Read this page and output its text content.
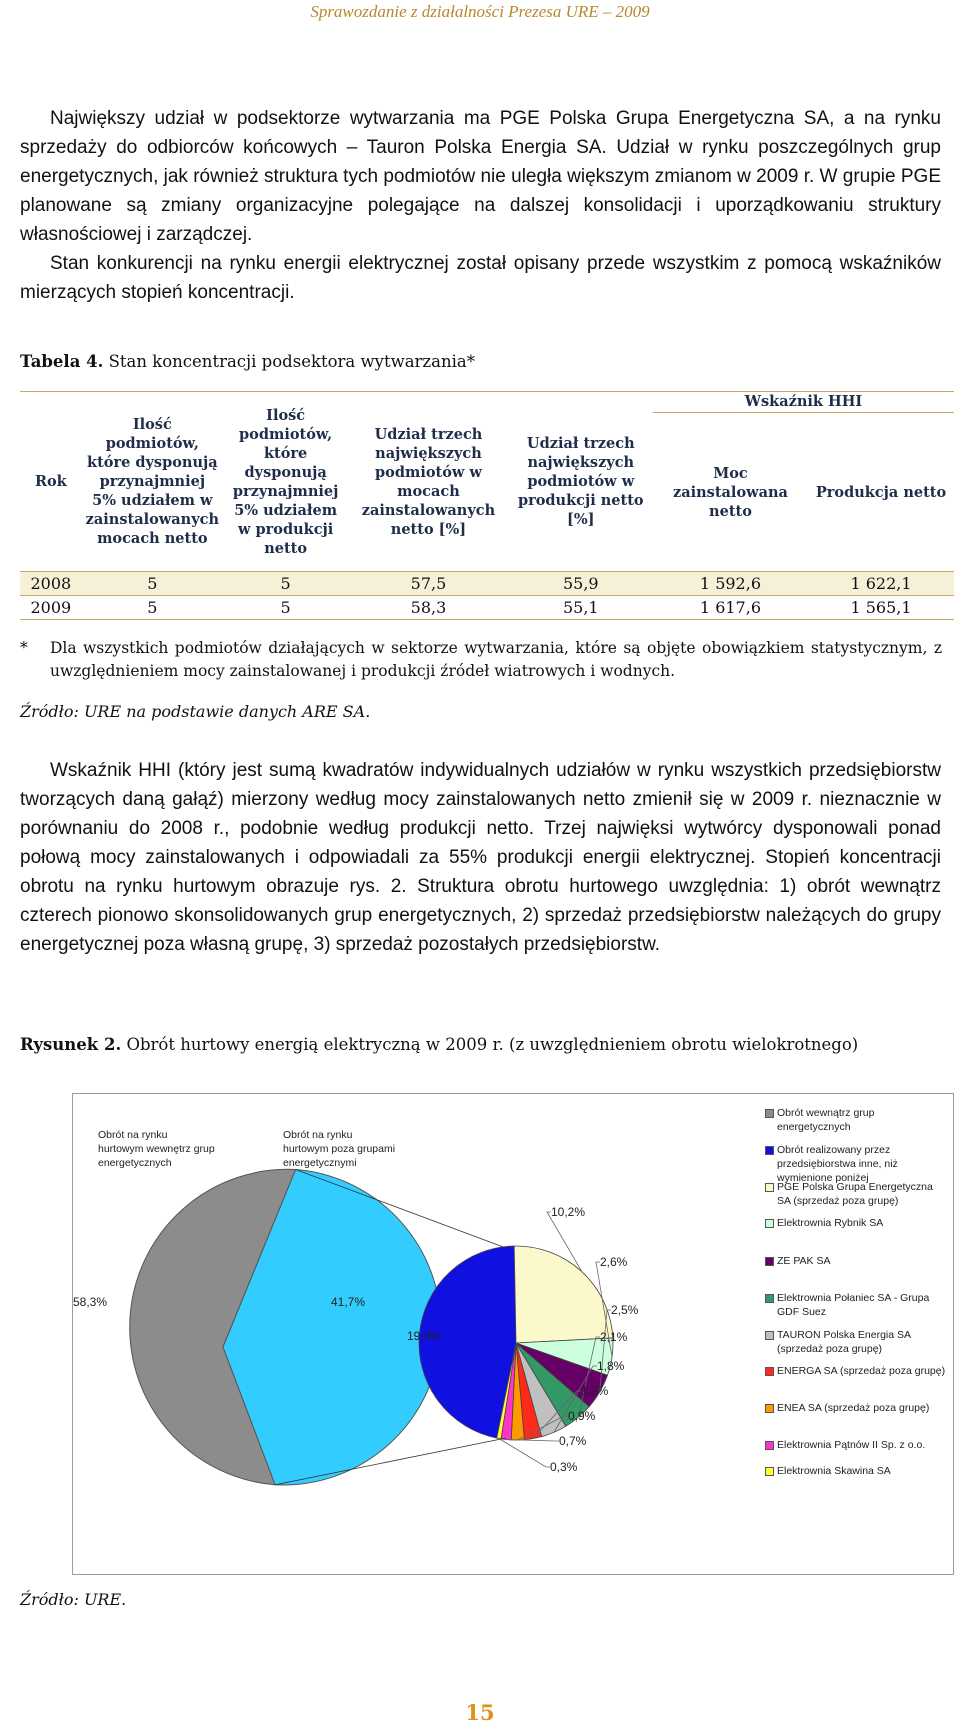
Sprawozdanie z działalności Prezesa URE – 2009

Największy udział w podsektorze wytwarzania ma PGE Polska Grupa Energetyczna SA, a na rynku sprzedaży do odbiorców końcowych – Tauron Polska Energia SA. Udział w rynku poszczególnych grup energetycznych, jak również struktura tych podmiotów nie uległa większym zmianom w 2009 r. W grupie PGE planowane są zmiany organizacyjne polegające na dalszej konsolidacji i uporządkowaniu struktury własnościowej i zarządczej.

Stan konkurencji na rynku energii elektrycznej został opisany przede wszystkim z pomocą wskaźników mierzących stopień koncentracji.

Tabela 4. Stan koncentracji podsektora wytwarzania*
Rok	Ilość podmiotów, które dysponują przynajmniej 5% udziałem w zainstalowanych mocach netto	Ilość podmiotów, które dysponują przynajmniej 5% udziałem w produkcji netto	Udział trzech największych podmiotów w mocach zainstalowanych netto [%]	Udział trzech największych podmiotów w produkcji netto [%]	Wskaźnik HHI	
					Moc zainstalowana netto	Produkcja netto
2008	5	5	57,5	55,9	1 592,6	1 622,1
2009	5	5	58,3	55,1	1 617,6	1 565,1
* Dla wszystkich podmiotów działających w sektorze wytwarzania, które są objęte obowiązkiem statystycznym, z uwzględnieniem mocy zainstalowanej i produkcji źródeł wiatrowych i wodnych.
Źródło: URE na podstawie danych ARE SA.

Wskaźnik HHI (który jest sumą kwadratów indywidualnych udziałów w rynku wszystkich przedsiębiorstw tworzących daną gałąź) mierzony według mocy zainstalowanych netto zmienił się w 2009 r. nieznacznie w porównaniu do 2008 r., podobnie według produkcji netto. Trzej najwięksi wytwórcy dysponowali ponad połową mocy zainstalowanych i odpowiadali za 55% produkcji energii elektrycznej. Stopień koncentracji obrotu na rynku hurtowym obrazuje rys. 2. Struktura obrotu hurtowego uwzględnia: 1) obrót wewnątrz czterech pionowo skonsolidowanych grup energetycznych, 2) sprzedaż przedsiębiorstw należących do grupy energetycznej poza własną grupę, 3) sprzedaż pozostałych przedsiębiorstw.

Rysunek 2. Obrót hurtowy energią elektryczną w 2009 r. (z uwzględnieniem obrotu wielokrotnego)
58,3%	41,7%
Obrót na rynku hurtowym wewnętrz grup energetycznych
Obrót na rynku hurtowym poza grupami energetycznymi
19,4%
10,2%
2,6%
2,5%
2,1%
1,8%
1,2%
0,9%
0,7%
0,3%
Obrót wewnątrz grup energetycznych
Obrót realizowany przez przedsiębiorstwa inne, niż wymienione poniżej
PGE Polska Grupa Energetyczna SA (sprzedaż poza grupę)
Elektrownia Rybnik SA
ZE PAK SA
Elektrownia Połaniec SA - Grupa GDF Suez
TAURON Polska Energia SA (sprzedaż poza grupę)
ENERGA SA (sprzedaż poza grupę)
ENEA SA (sprzedaż poza grupę)
Elektrownia Pątnów II Sp. z o.o.
Elektrownia Skawina SA
Źródło: URE.
15
